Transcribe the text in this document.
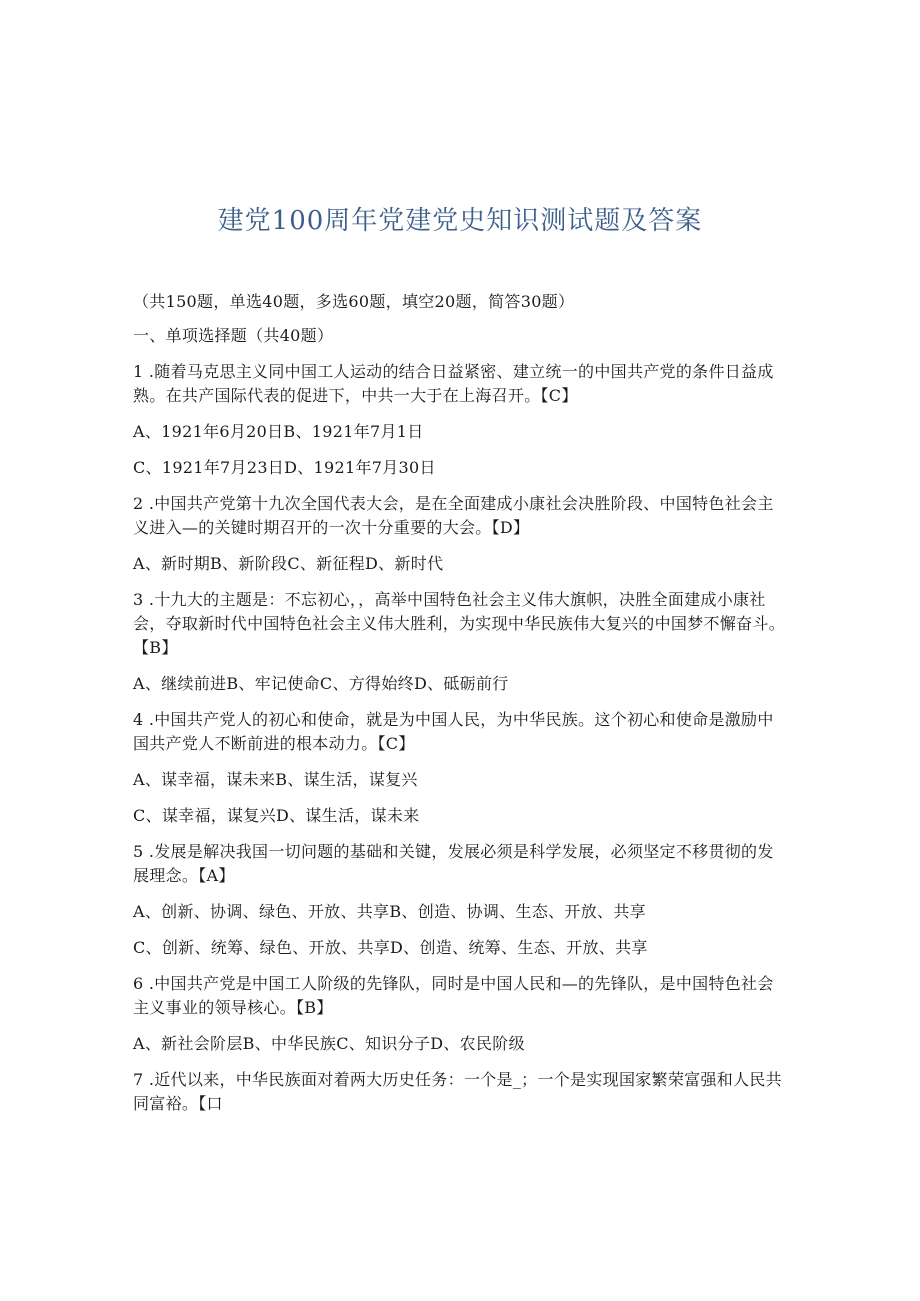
建党100周年党建党史知识测试题及答案

（共150题，单选40题，多选60题，填空20题，简答30题）

一、单项选择题（共40题）

1 .随着马克思主义同中国工人运动的结合日益紧密、建立统一的中国共产党的条件日益成熟。在共产国际代表的促进下，中共一大于在上海召开。【C】

A、1921年6月20日B、1921年7月1日

C、1921年7月23日D、1921年7月30日

2 .中国共产党第十九次全国代表大会，是在全面建成小康社会决胜阶段、中国特色社会主义进入—的关键时期召开的一次十分重要的大会。【D】

A、新时期B、新阶段C、新征程D、新时代

3 .十九大的主题是：不忘初心，，高举中国特色社会主义伟大旗帜，决胜全面建成小康社会，夺取新时代中国特色社会主义伟大胜利，为实现中华民族伟大复兴的中国梦不懈奋斗。【B】

A、继续前进B、牢记使命C、方得始终D、砥砺前行

4 .中国共产党人的初心和使命，就是为中国人民，为中华民族。这个初心和使命是激励中国共产党人不断前进的根本动力。【C】

A、谋幸福，谋未来B、谋生活，谋复兴

C、谋幸福，谋复兴D、谋生活，谋未来

5 .发展是解决我国一切问题的基础和关键，发展必须是科学发展，必须坚定不移贯彻的发展理念。【A】

A、创新、协调、绿色、开放、共享B、创造、协调、生态、开放、共享

C、创新、统筹、绿色、开放、共享D、创造、统筹、生态、开放、共享

6 .中国共产党是中国工人阶级的先锋队，同时是中国人民和—的先锋队，是中国特色社会主义事业的领导核心。【B】

A、新社会阶层B、中华民族C、知识分子D、农民阶级

7 .近代以来，中华民族面对着两大历史任务：一个是_；一个是实现国家繁荣富强和人民共同富裕。【口
